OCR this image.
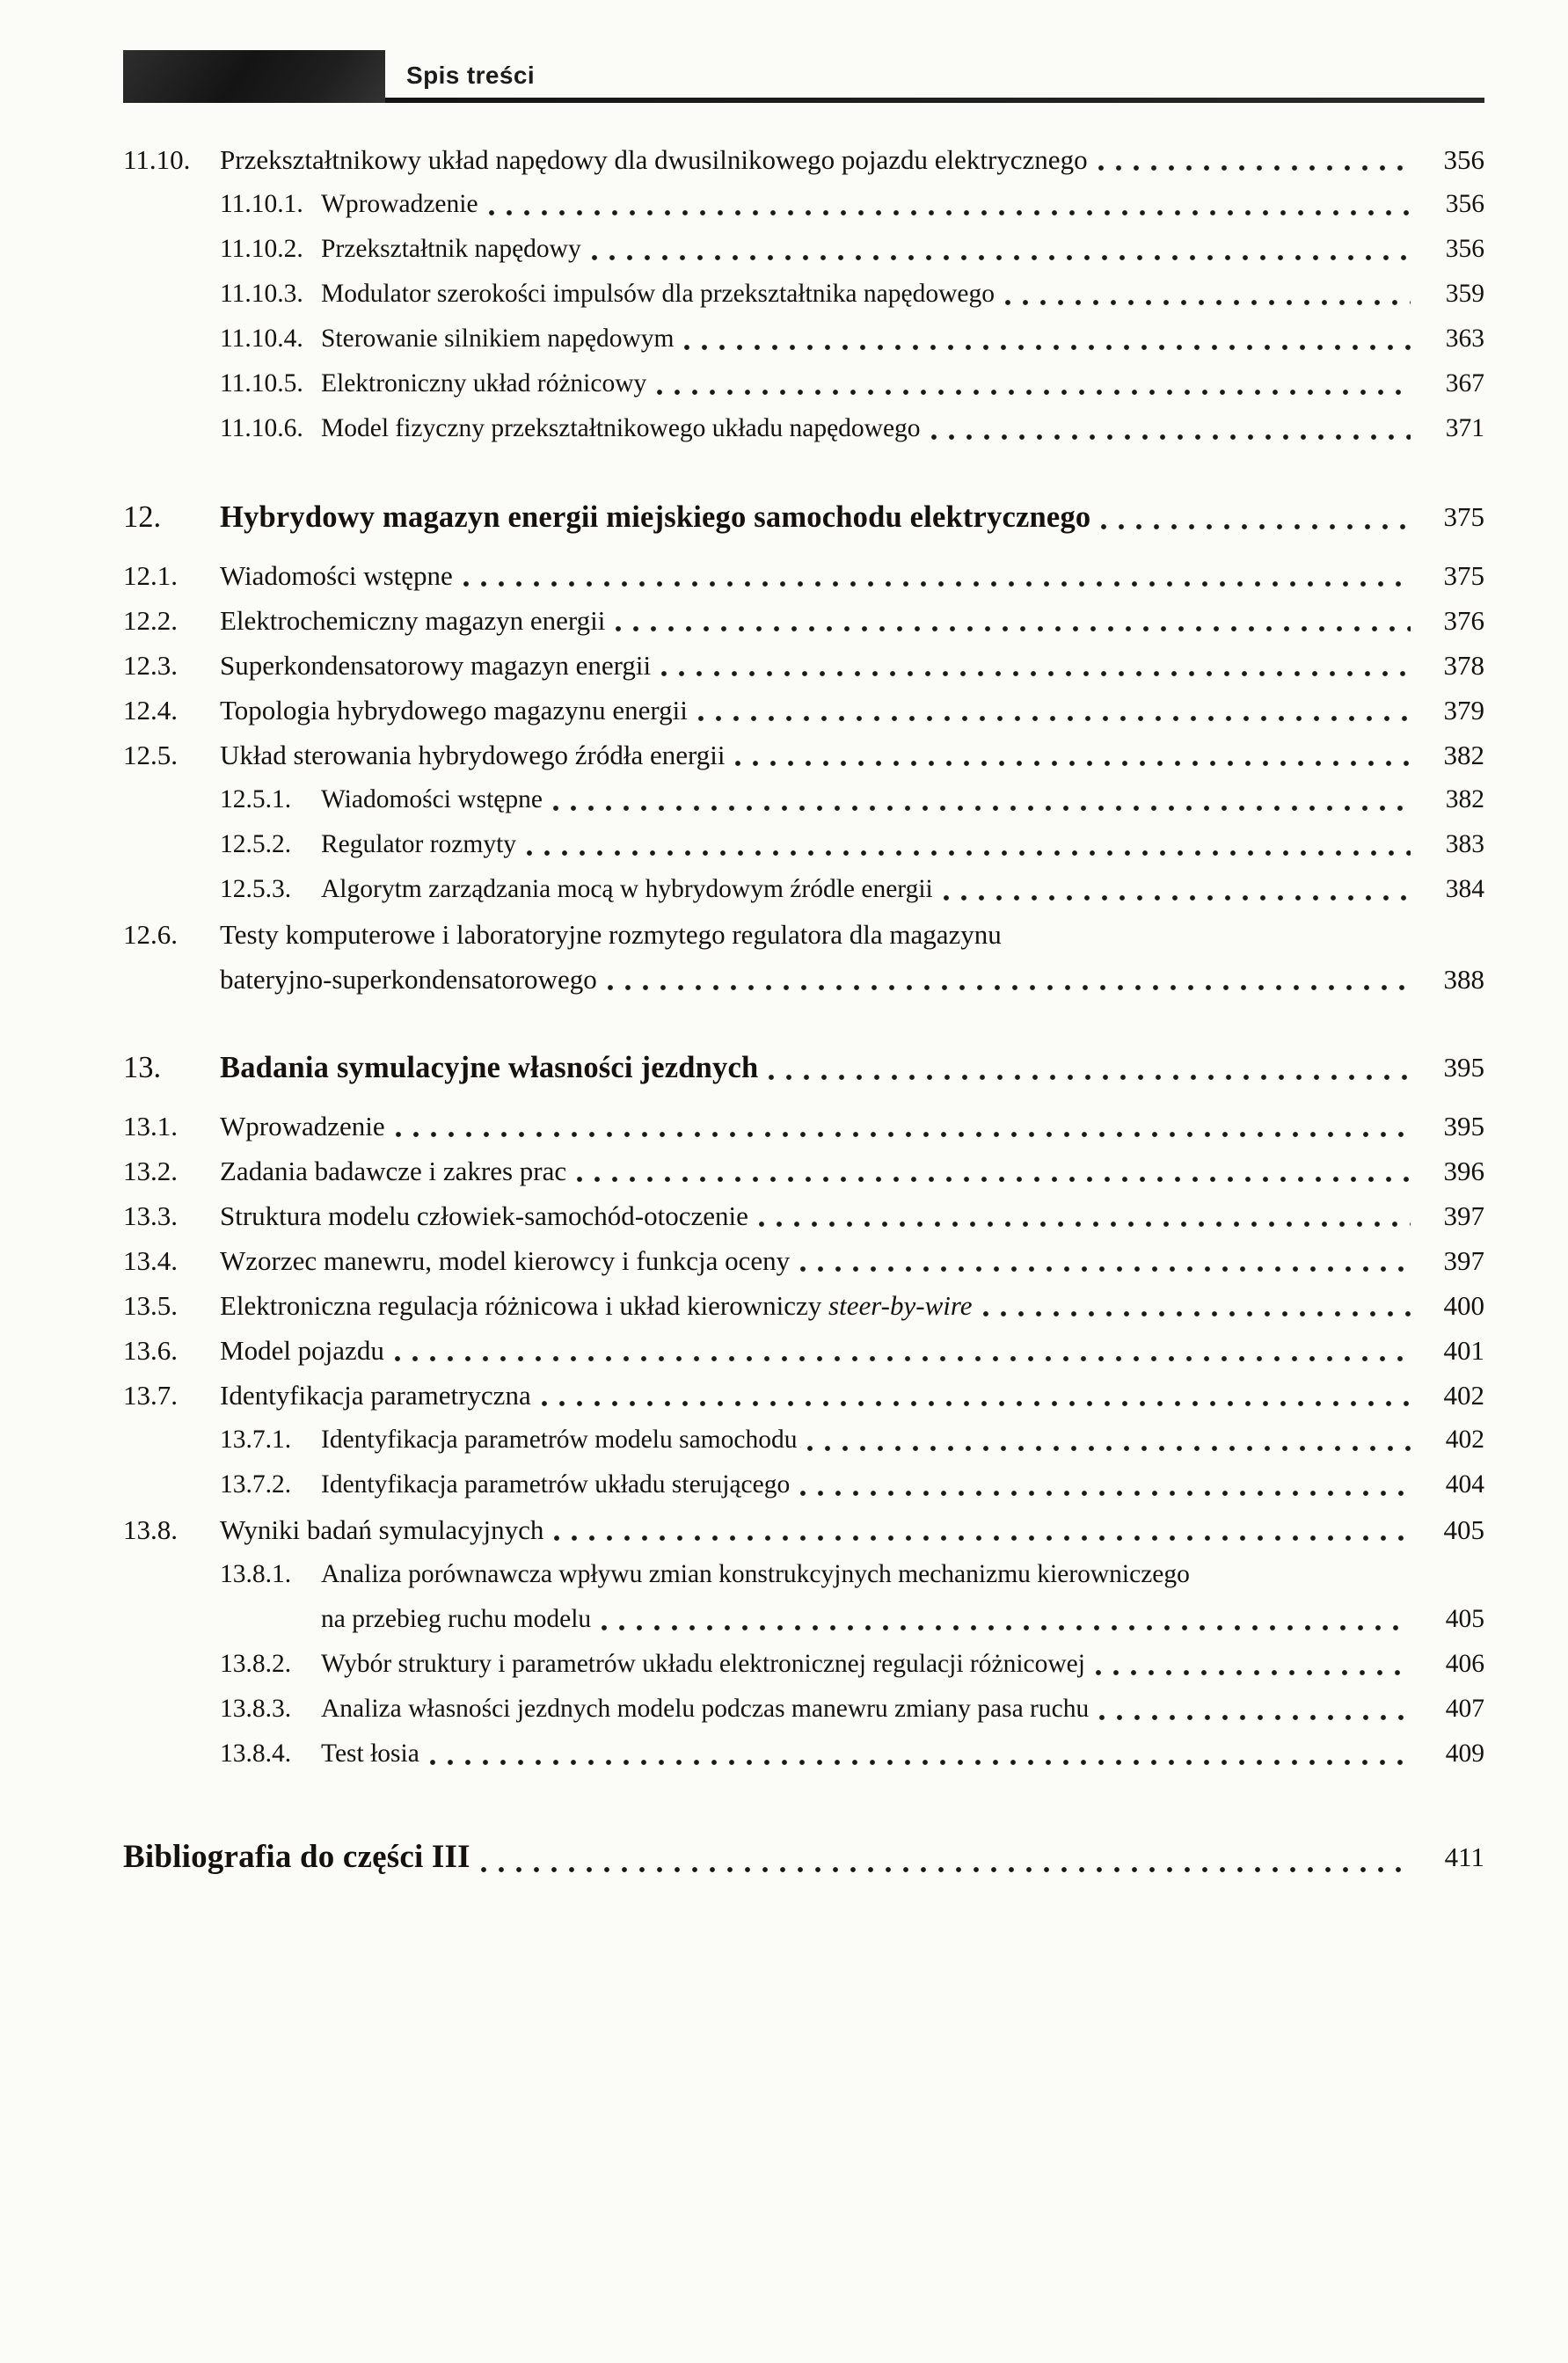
Spis treści
11.10.	Przekształtnikowy układ napędowy dla dwusilnikowego pojazdu elektrycznego	356
11.10.1. Wprowadzenie	356
11.10.2. Przekształtnik napędowy	356
11.10.3. Modulator szerokości impulsów dla przekształtnika napędowego	359
11.10.4. Sterowanie silnikiem napędowym	363
11.10.5. Elektroniczny układ różnicowy	367
11.10.6. Model fizyczny przekształtnikowego układu napędowego	371
12.	Hybrydowy magazyn energii miejskiego samochodu elektrycznego	375
12.1.	Wiadomości wstępne	375
12.2.	Elektrochemiczny magazyn energii	376
12.3.	Superkondensatorowy magazyn energii	378
12.4.	Topologia hybrydowego magazynu energii	379
12.5.	Układ sterowania hybrydowego źródła energii	382
12.5.1.	Wiadomości wstępne	382
12.5.2.	Regulator rozmyty	383
12.5.3.	Algorytm zarządzania mocą w hybrydowym źródle energii	384
12.6.	Testy komputerowe i laboratoryjne rozmytego regulatora dla magazynu
bateryjno-superkondensatorowego	388
13.	Badania symulacyjne własności jezdnych	395
13.1.	Wprowadzenie	395
13.2.	Zadania badawcze i zakres prac	396
13.3.	Struktura modelu człowiek-samochód-otoczenie	397
13.4.	Wzorzec manewru, model kierowcy i funkcja oceny	397
13.5.	Elektroniczna regulacja różnicowa i układ kierowniczy steer-by-wire	400
13.6.	Model pojazdu	401
13.7.	Identyfikacja parametryczna	402
13.7.1.	Identyfikacja parametrów modelu samochodu	402
13.7.2.	Identyfikacja parametrów układu sterującego	404
13.8.	Wyniki badań symulacyjnych	405
13.8.1.	Analiza porównawcza wpływu zmian konstrukcyjnych mechanizmu kierowniczego
na przebieg ruchu modelu	405
13.8.2.	Wybór struktury i parametrów układu elektronicznej regulacji różnicowej	406
13.8.3.	Analiza własności jezdnych modelu podczas manewru zmiany pasa ruchu	407
13.8.4.	Test łosia	409
Bibliografia do części III	411
